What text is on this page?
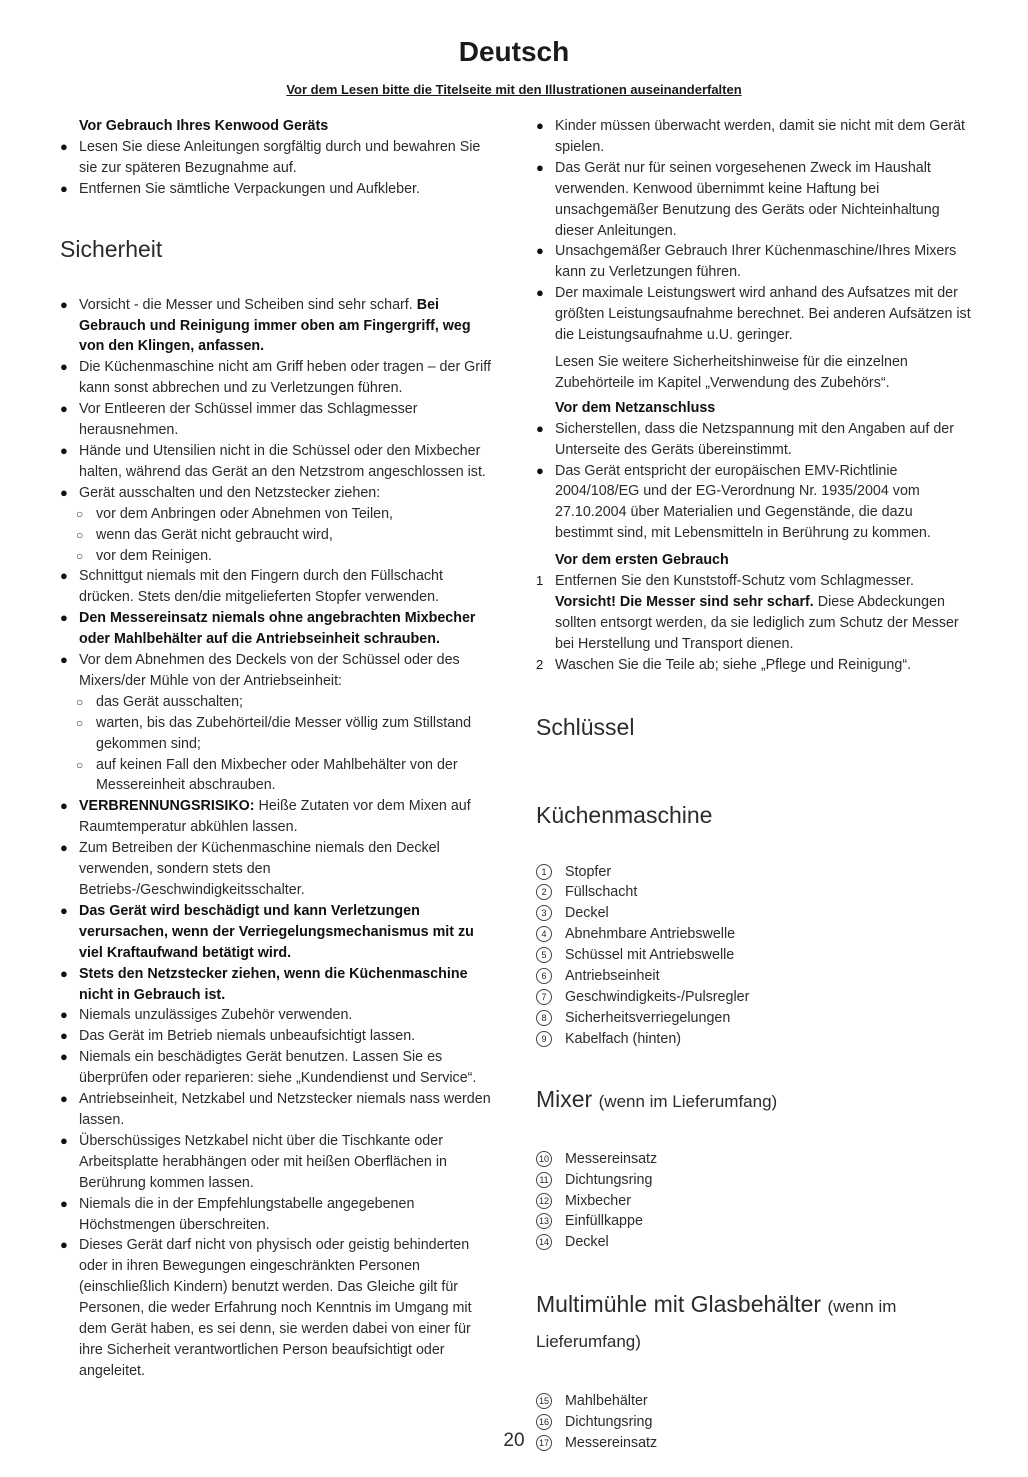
Deutsch
Vor dem Lesen bitte die Titelseite mit den Illustrationen auseinanderfalten

Vor Gebrauch Ihres Kenwood Geräts

● Lesen Sie diese Anleitungen sorgfältig durch und bewahren Sie sie zur späteren Bezugnahme auf.

● Entfernen Sie sämtliche Verpackungen und Aufkleber.

Sicherheit

● Vorsicht - die Messer und Scheiben sind sehr scharf. Bei Gebrauch und Reinigung immer oben am Fingergriff, weg von den Klingen, anfassen.

● Die Küchenmaschine nicht am Griff heben oder tragen – der Griff kann sonst abbrechen und zu Verletzungen führen.

● Vor Entleeren der Schüssel immer das Schlagmesser herausnehmen.

● Hände und Utensilien nicht in die Schüssel oder den Mixbecher halten, während das Gerät an den Netzstrom angeschlossen ist.

● Gerät ausschalten und den Netzstecker ziehen:

○ vor dem Anbringen oder Abnehmen von Teilen,

○ wenn das Gerät nicht gebraucht wird,

○ vor dem Reinigen.

● Schnittgut niemals mit den Fingern durch den Füllschacht drücken. Stets den/die mitgelieferten Stopfer verwenden.

● Den Messereinsatz niemals ohne angebrachten Mixbecher oder Mahlbehälter auf die Antriebseinheit schrauben.

● Vor dem Abnehmen des Deckels von der Schüssel oder des Mixers/der Mühle von der Antriebseinheit:

○ das Gerät ausschalten;

○ warten, bis das Zubehörteil/die Messer völlig zum Stillstand gekommen sind;

○ auf keinen Fall den Mixbecher oder Mahlbehälter von der Messereinheit abschrauben.

● VERBRENNUNGSRISIKO: Heiße Zutaten vor dem Mixen auf Raumtemperatur abkühlen lassen.

● Zum Betreiben der Küchenmaschine niemals den Deckel verwenden, sondern stets den Betriebs-/Geschwindigkeitsschalter.

● Das Gerät wird beschädigt und kann Verletzungen verursachen, wenn der Verriegelungsmechanismus mit zu viel Kraftaufwand betätigt wird.

● Stets den Netzstecker ziehen, wenn die Küchenmaschine nicht in Gebrauch ist.

● Niemals unzulässiges Zubehör verwenden.

● Das Gerät im Betrieb niemals unbeaufsichtigt lassen.

● Niemals ein beschädigtes Gerät benutzen. Lassen Sie es überprüfen oder reparieren: siehe „Kundendienst und Service“.

● Antriebseinheit, Netzkabel und Netzstecker niemals nass werden lassen.

● Überschüssiges Netzkabel nicht über die Tischkante oder Arbeitsplatte herabhängen oder mit heißen Oberflächen in Berührung kommen lassen.

● Niemals die in der Empfehlungstabelle angegebenen Höchstmengen überschreiten.

● Dieses Gerät darf nicht von physisch oder geistig behinderten oder in ihren Bewegungen eingeschränkten Personen (einschließlich Kindern) benutzt werden. Das Gleiche gilt für Personen, die weder Erfahrung noch Kenntnis im Umgang mit dem Gerät haben, es sei denn, sie werden dabei von einer für ihre Sicherheit verantwortlichen Person beaufsichtigt oder angeleitet.

● Kinder müssen überwacht werden, damit sie nicht mit dem Gerät spielen.

● Das Gerät nur für seinen vorgesehenen Zweck im Haushalt verwenden. Kenwood übernimmt keine Haftung bei unsachgemäßer Benutzung des Geräts oder Nichteinhaltung dieser Anleitungen.

● Unsachgemäßer Gebrauch Ihrer Küchenmaschine/Ihres Mixers kann zu Verletzungen führen.

● Der maximale Leistungswert wird anhand des Aufsatzes mit der größten Leistungsaufnahme berechnet. Bei anderen Aufsätzen ist die Leistungsaufnahme u.U. geringer.

Lesen Sie weitere Sicherheitshinweise für die einzelnen Zubehörteile im Kapitel „Verwendung des Zubehörs“.

Vor dem Netzanschluss

● Sicherstellen, dass die Netzspannung mit den Angaben auf der Unterseite des Geräts übereinstimmt.

● Das Gerät entspricht der europäischen EMV-Richtlinie 2004/108/EG und der EG-Verordnung Nr. 1935/2004 vom 27.10.2004 über Materialien und Gegenstände, die dazu bestimmt sind, mit Lebensmitteln in Berührung zu kommen.

Vor dem ersten Gebrauch

1 Entfernen Sie den Kunststoff-Schutz vom Schlagmesser. Vorsicht! Die Messer sind sehr scharf. Diese Abdeckungen sollten entsorgt werden, da sie lediglich zum Schutz der Messer bei Herstellung und Transport dienen.

2 Waschen Sie die Teile ab; siehe „Pflege und Reinigung“.

Schlüssel

Küchenmaschine

1	Stopfer

2	Füllschacht

3	Deckel

4	Abnehmbare Antriebswelle

5	Schüssel mit Antriebswelle

6	Antriebseinheit

7	Geschwindigkeits-/Pulsregler

8	Sicherheitsverriegelungen

9	Kabelfach (hinten)

Mixer (wenn im Lieferumfang)

10 Messereinsatz

11 Dichtungsring

12 Mixbecher

13 Einfüllkappe

14 Deckel

Multimühle mit Glasbehälter (wenn im
Lieferumfang)

15 Mahlbehälter

16 Dichtungsring

17 Messereinsatz

20
